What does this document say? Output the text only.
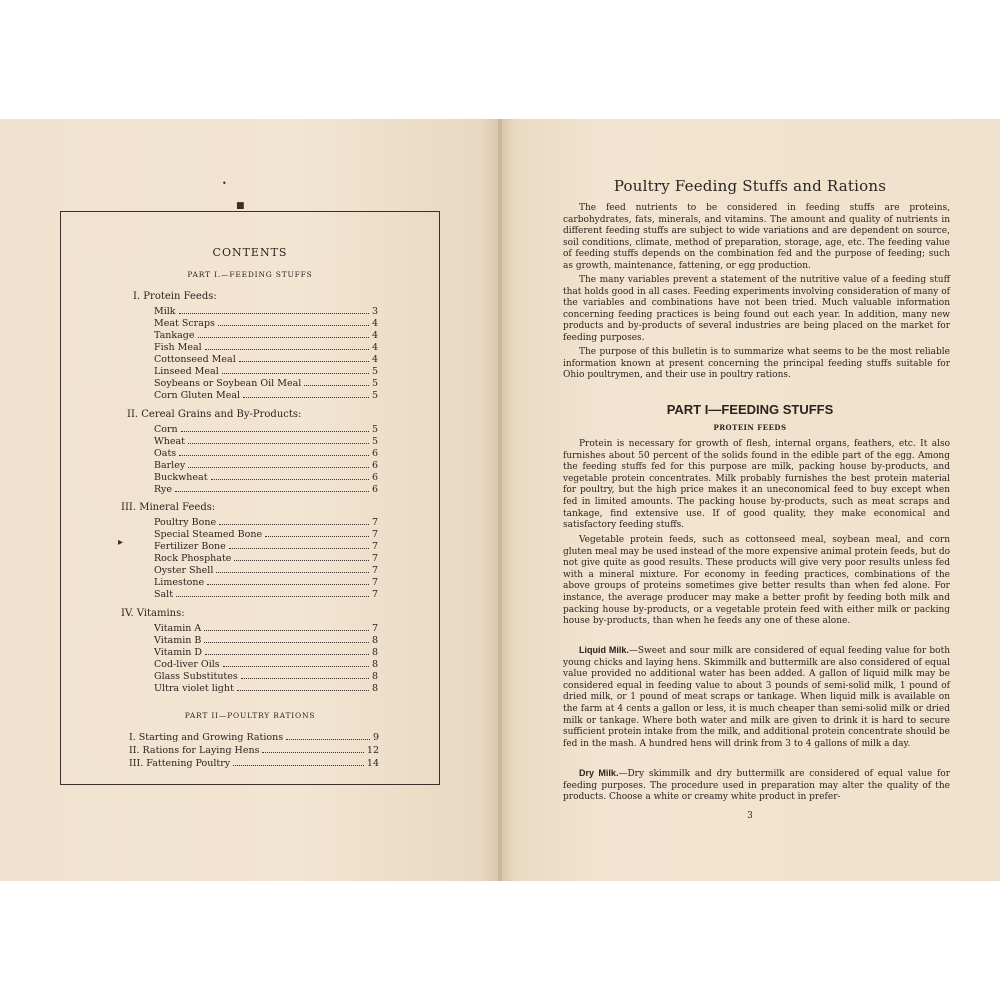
•
■
CONTENTS
PART I.—FEEDING STUFFS
I. Protein Feeds:
Milk	3
Meat Scraps	4
Tankage	4
Fish Meal	4
Cottonseed Meal	4
Linseed Meal	5
Soybeans or Soybean Oil Meal	5
Corn Gluten Meal	5
II. Cereal Grains and By-Products:
Corn	5
Wheat	5
Oats	6
Barley	6
Buckwheat	6
Rye	6
III. Mineral Feeds:
Poultry Bone	7
Special Steamed Bone	7
Fertilizer Bone	7
Rock Phosphate	7
Oyster Shell	7
Limestone	7
Salt	7
IV. Vitamins:
Vitamin A	7
Vitamin B	8
Vitamin D	8
Cod-liver Oils	8
Glass Substitutes	8
Ultra violet light	8
PART II—POULTRY RATIONS
I. Starting and Growing Rations	9
II. Rations for Laying Hens	12
III. Fattening Poultry	14
▸
Poultry Feeding Stuffs and Rations

The feed nutrients to be considered in feeding stuffs are proteins, carbohydrates, fats, minerals, and vitamins. The amount and quality of nutrients in different feeding stuffs are subject to wide variations and are dependent on source, soil conditions, climate, method of preparation, storage, age, etc. The feeding value of feeding stuffs depends on the combination fed and the purpose of feeding; such as growth, maintenance, fattening, or egg production.

The many variables prevent a statement of the nutritive value of a feeding stuff that holds good in all cases. Feeding experiments involving consideration of many of the variables and combinations have not been tried. Much valuable information concerning feeding practices is being found out each year. In addition, many new products and by-products of several industries are being placed on the market for feeding purposes.

The purpose of this bulletin is to summarize what seems to be the most reliable information known at present concerning the principal feeding stuffs suitable for Ohio poultrymen, and their use in poultry rations.

PART I—FEEDING STUFFS
PROTEIN FEEDS

Protein is necessary for growth of flesh, internal organs, feathers, etc. It also furnishes about 50 percent of the solids found in the edible part of the egg. Among the feeding stuffs fed for this purpose are milk, packing house by-products, and vegetable protein concentrates. Milk probably furnishes the best protein material for poultry, but the high price makes it an uneconomical feed to buy except when fed in limited amounts. The packing house by-products, such as meat scraps and tankage, find extensive use. If of good quality, they make economical and satisfactory feeding stuffs.

Vegetable protein feeds, such as cottonseed meal, soybean meal, and corn gluten meal may be used instead of the more expensive animal protein feeds, but do not give quite as good results. These products will give very poor results unless fed with a mineral mixture. For economy in feeding practices, combinations of the above groups of proteins sometimes give better results than when fed alone. For instance, the average producer may make a better profit by feeding both milk and packing house by-products, or a vegetable protein feed with either milk or packing house by-products, than when he feeds any one of these alone.

Liquid Milk.—Sweet and sour milk are considered of equal feeding value for both young chicks and laying hens. Skimmilk and buttermilk are also considered of equal value provided no additional water has been added. A gallon of liquid milk may be considered equal in feeding value to about 3 pounds of semi-solid milk, 1 pound of dried milk, or 1 pound of meat scraps or tankage. When liquid milk is available on the farm at 4 cents a gallon or less, it is much cheaper than semi-solid milk or dried milk or tankage. Where both water and milk are given to drink it is hard to secure sufficient protein intake from the milk, and additional protein concentrate should be fed in the mash. A hundred hens will drink from 3 to 4 gallons of milk a day.

Dry Milk.—Dry skimmilk and dry buttermilk are considered of equal value for feeding purposes. The procedure used in preparation may alter the quality of the products. Choose a white or creamy white product in prefer-

3
